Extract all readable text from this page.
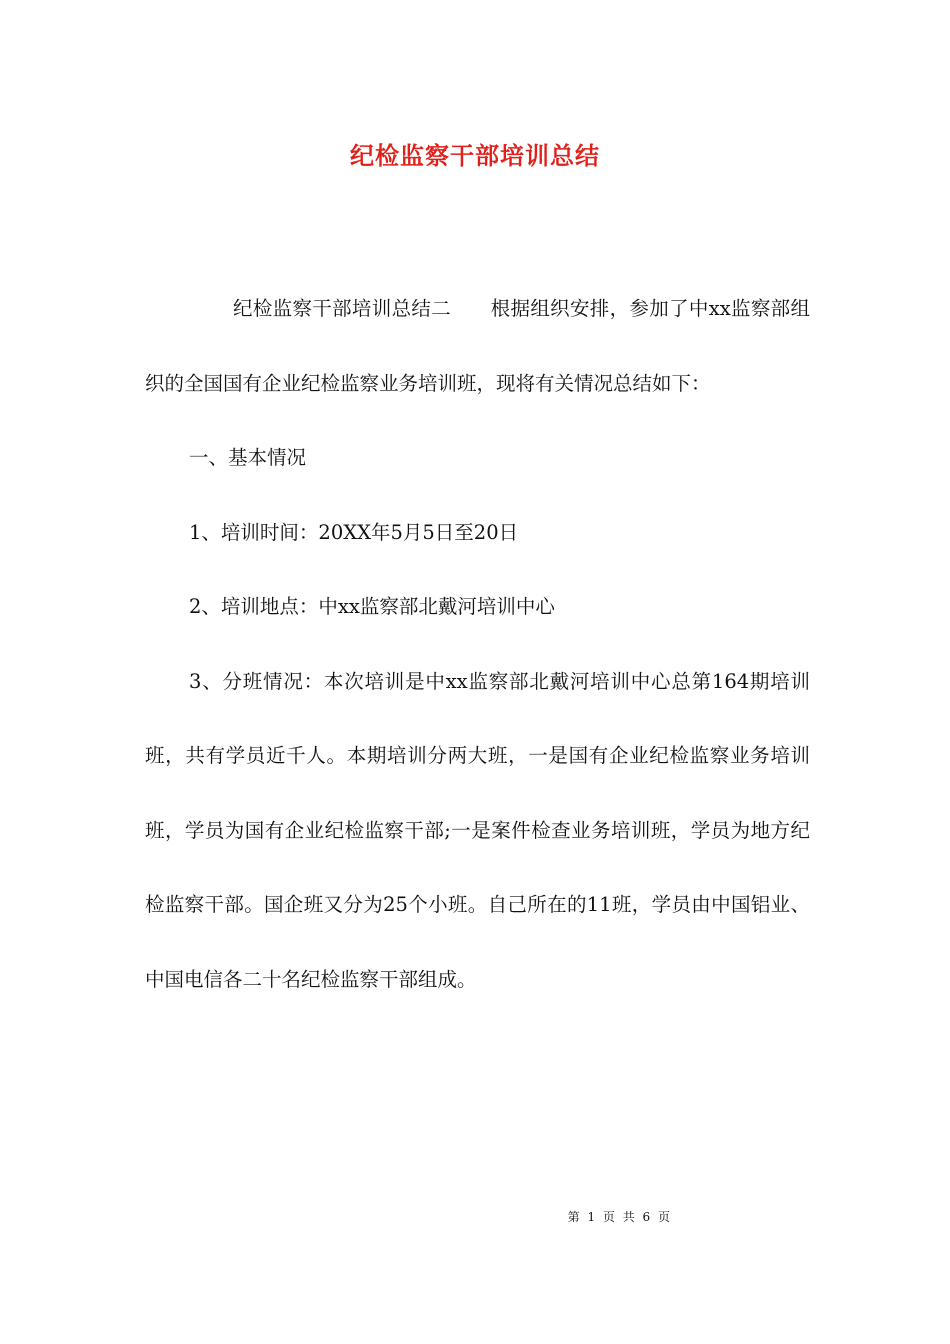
纪检监察干部培训总结

纪检监察干部培训总结二　　根据组织安排，参加了中xx监察部组织的全国国有企业纪检监察业务培训班，现将有关情况总结如下：

一、基本情况

1、培训时间：20XX年5月5日至20日

2、培训地点：中xx监察部北戴河培训中心

3、分班情况：本次培训是中xx监察部北戴河培训中心总第164期培训班，共有学员近千人。本期培训分两大班，一是国有企业纪检监察业务培训班，学员为国有企业纪检监察干部;一是案件检查业务培训班，学员为地方纪检监察干部。国企班又分为25个小班。自己所在的11班，学员由中国铝业、中国电信各二十名纪检监察干部组成。

第 1 页 共 6 页
